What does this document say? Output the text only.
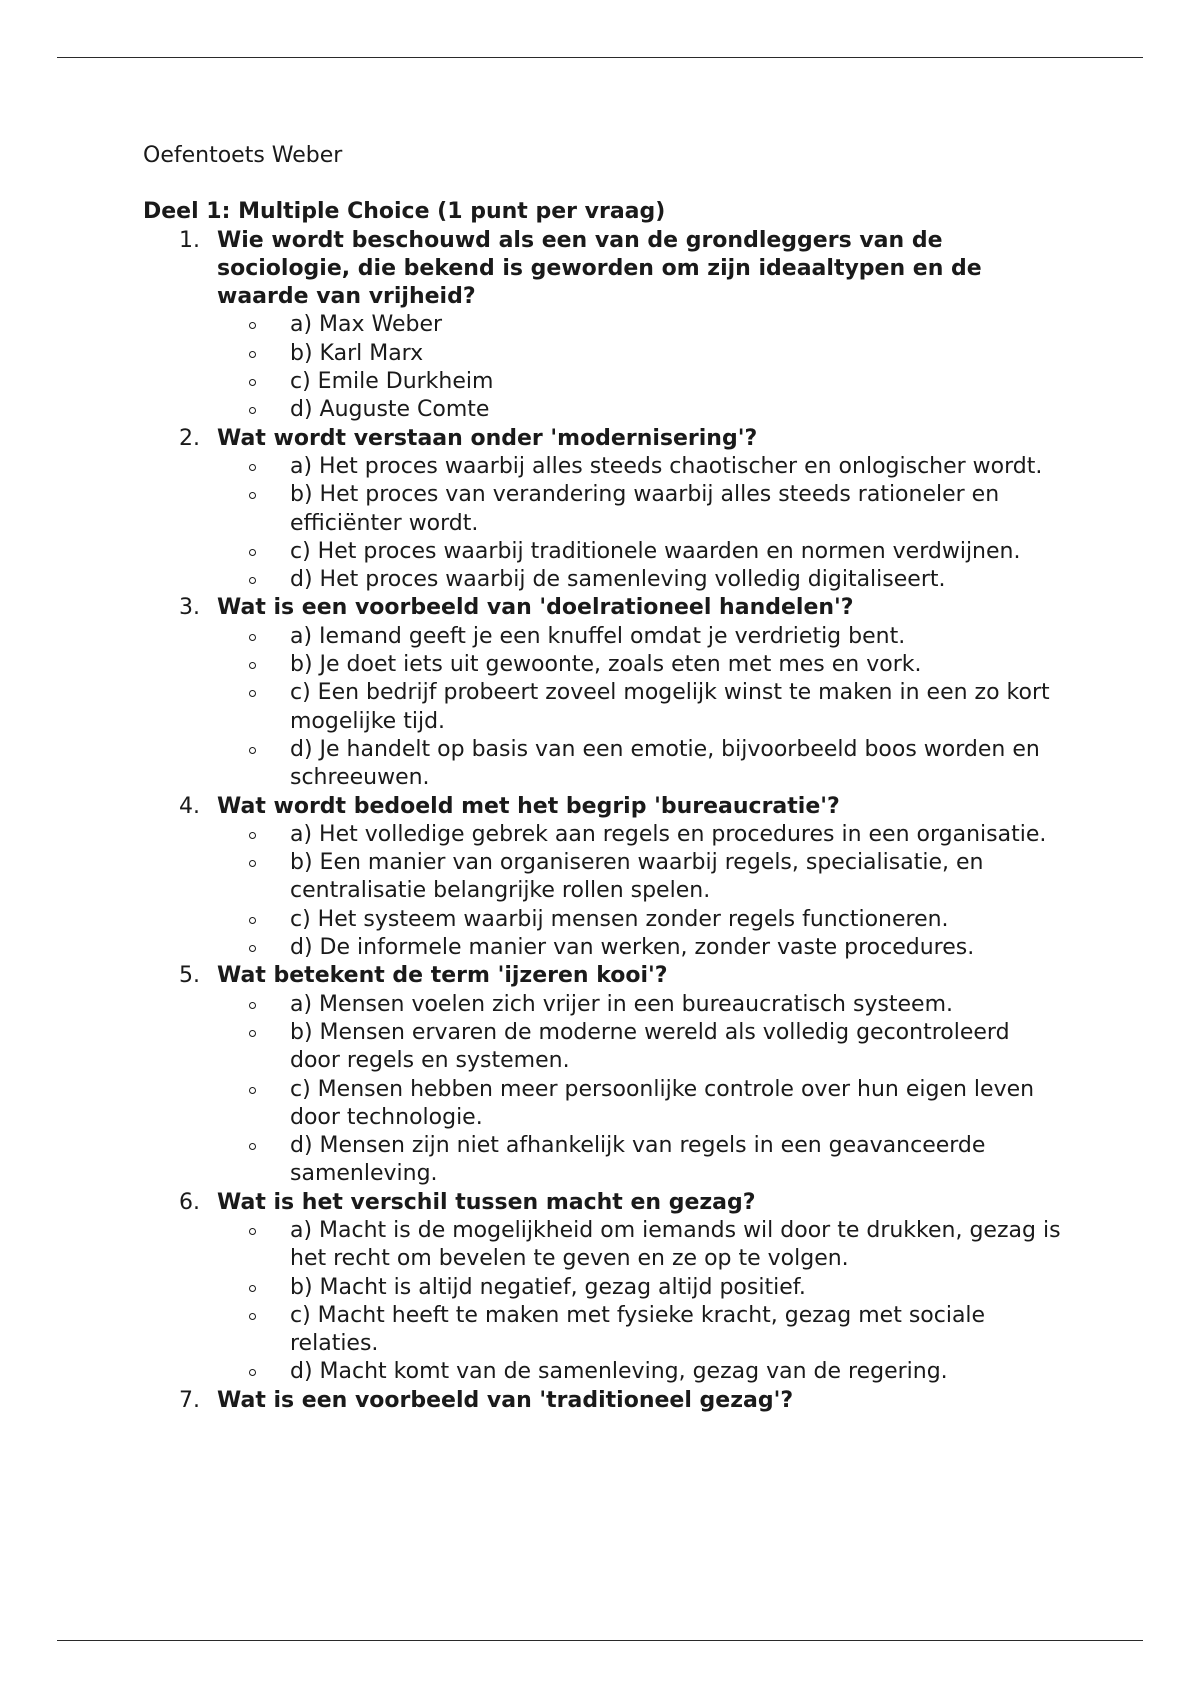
Oefentoets Weber

Deel 1: Multiple Choice (1 punt per vraag)

1. Wie wordt beschouwd als een van de grondleggers van de sociologie, die bekend is geworden om zijn ideaaltypen en de waarde van vrijheid?
a) Max Weber
b) Karl Marx
c) Emile Durkheim
d) Auguste Comte
2. Wat wordt verstaan onder 'modernisering'?
a) Het proces waarbij alles steeds chaotischer en onlogischer wordt.
b) Het proces van verandering waarbij alles steeds rationeler en efficiënter wordt.
c) Het proces waarbij traditionele waarden en normen verdwijnen.
d) Het proces waarbij de samenleving volledig digitaliseert.
3. Wat is een voorbeeld van 'doelrationeel handelen'?
a) Iemand geeft je een knuffel omdat je verdrietig bent.
b) Je doet iets uit gewoonte, zoals eten met mes en vork.
c) Een bedrijf probeert zoveel mogelijk winst te maken in een zo kort mogelijke tijd.
d) Je handelt op basis van een emotie, bijvoorbeeld boos worden en schreeuwen.
4. Wat wordt bedoeld met het begrip 'bureaucratie'?
a) Het volledige gebrek aan regels en procedures in een organisatie.
b) Een manier van organiseren waarbij regels, specialisatie, en centralisatie belangrijke rollen spelen.
c) Het systeem waarbij mensen zonder regels functioneren.
d) De informele manier van werken, zonder vaste procedures.
5. Wat betekent de term 'ijzeren kooi'?
a) Mensen voelen zich vrijer in een bureaucratisch systeem.
b) Mensen ervaren de moderne wereld als volledig gecontroleerd door regels en systemen.
c) Mensen hebben meer persoonlijke controle over hun eigen leven door technologie.
d) Mensen zijn niet afhankelijk van regels in een geavanceerde samenleving.
6. Wat is het verschil tussen macht en gezag?
a) Macht is de mogelijkheid om iemands wil door te drukken, gezag is het recht om bevelen te geven en ze op te volgen.
b) Macht is altijd negatief, gezag altijd positief.
c) Macht heeft te maken met fysieke kracht, gezag met sociale relaties.
d) Macht komt van de samenleving, gezag van de regering.
7. Wat is een voorbeeld van 'traditioneel gezag'?
